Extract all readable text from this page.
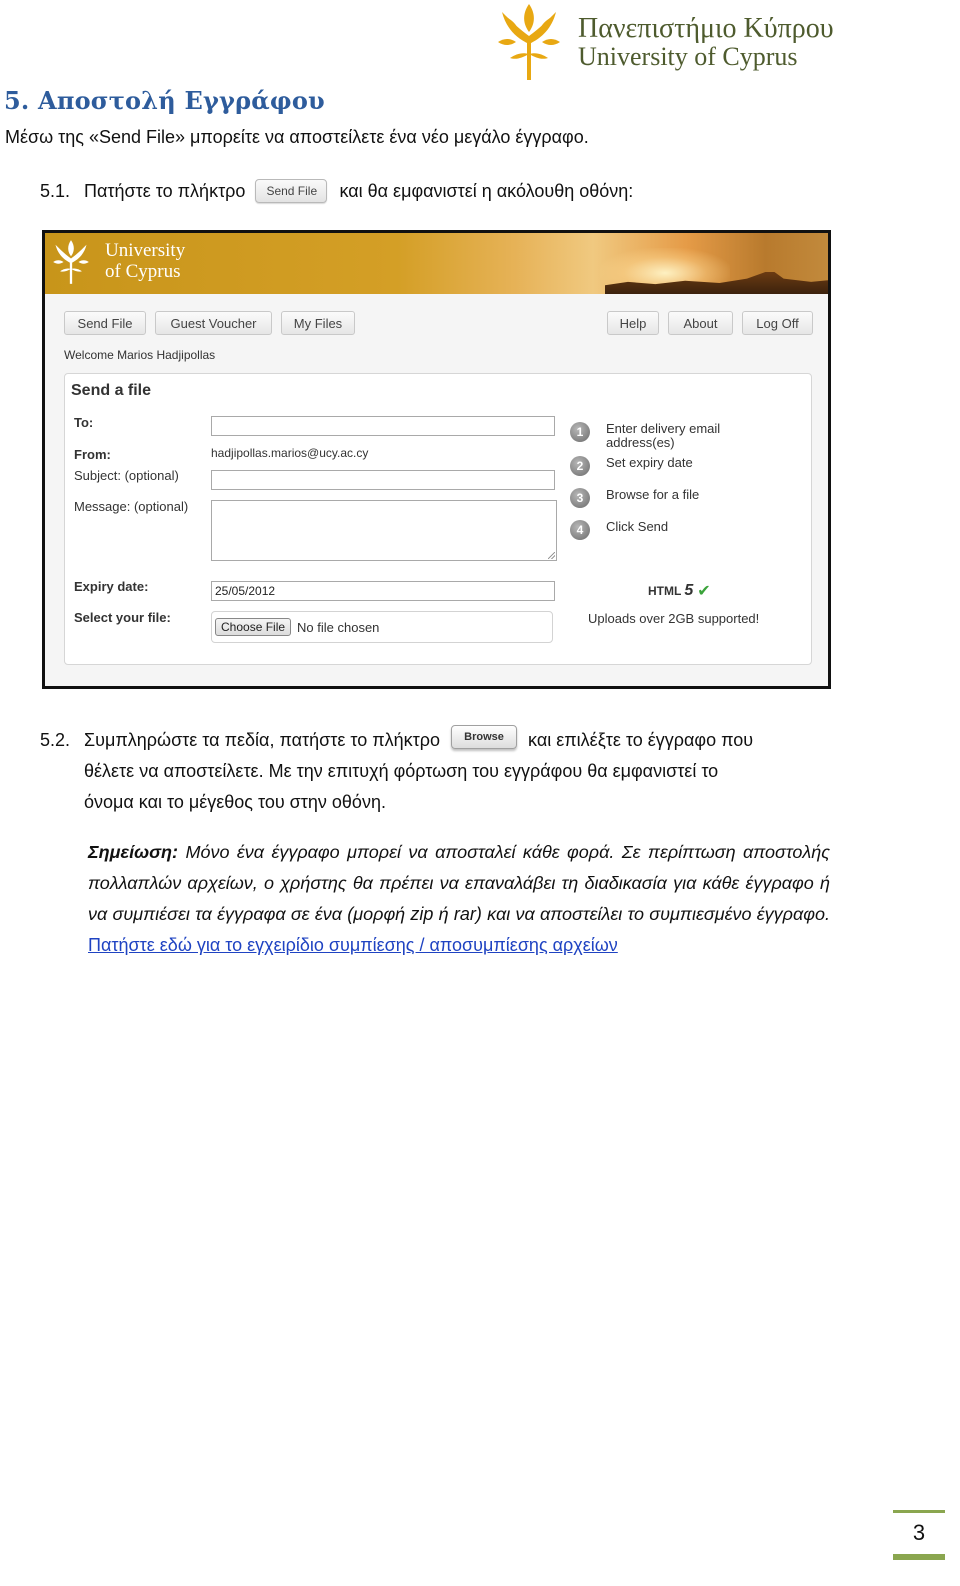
Πανεπιστήμιο Κύπρου
University of Cyprus
5. Αποστολή Εγγράφου
Μέσω της «Send File» μπορείτε να αποστείλετε ένα νέο μεγάλο έγγραφο.
5.1. Πατήστε το πλήκτρο	Send File	και θα εμφανιστεί η ακόλουθη οθόνη:
University
of Cyprus
Send File	Guest Voucher	My Files	Help	About	Log Off
Welcome Marios Hadjipollas
Send a file
To:
From:	hadjipollas.marios@ucy.ac.cy
Subject: (optional)
Message: (optional)
Expiry date:	25/05/2012
Select your file:
Choose File No file chosen
1	Enter delivery email address(es)
2	Set expiry date
3	Browse for a file
4	Click Send
HTML 5 ✔
Uploads over 2GB supported!
5.2. Συμπληρώστε τα πεδία, πατήστε το πλήκτρο	Browse	και επιλέξτε το έγγραφο που
θέλετε να αποστείλετε. Με την επιτυχή φόρτωση του εγγράφου θα εμφανιστεί το
όνομα και το μέγεθος του στην οθόνη.
Σημείωση: Μόνο ένα έγγραφο μπορεί να αποσταλεί κάθε φορά. Σε περίπτωση αποστολής πολλαπλών αρχείων, ο χρήστης θα πρέπει να επαναλάβει τη διαδικασία για κάθε έγγραφο ή να συμπιέσει τα έγγραφα σε ένα (μορφή zip ή rar) και να αποστείλει το συμπιεσμένο έγγραφο. Πατήστε εδώ για το εγχειρίδιο συμπίεσης / αποσυμπίεσης αρχείων
3
